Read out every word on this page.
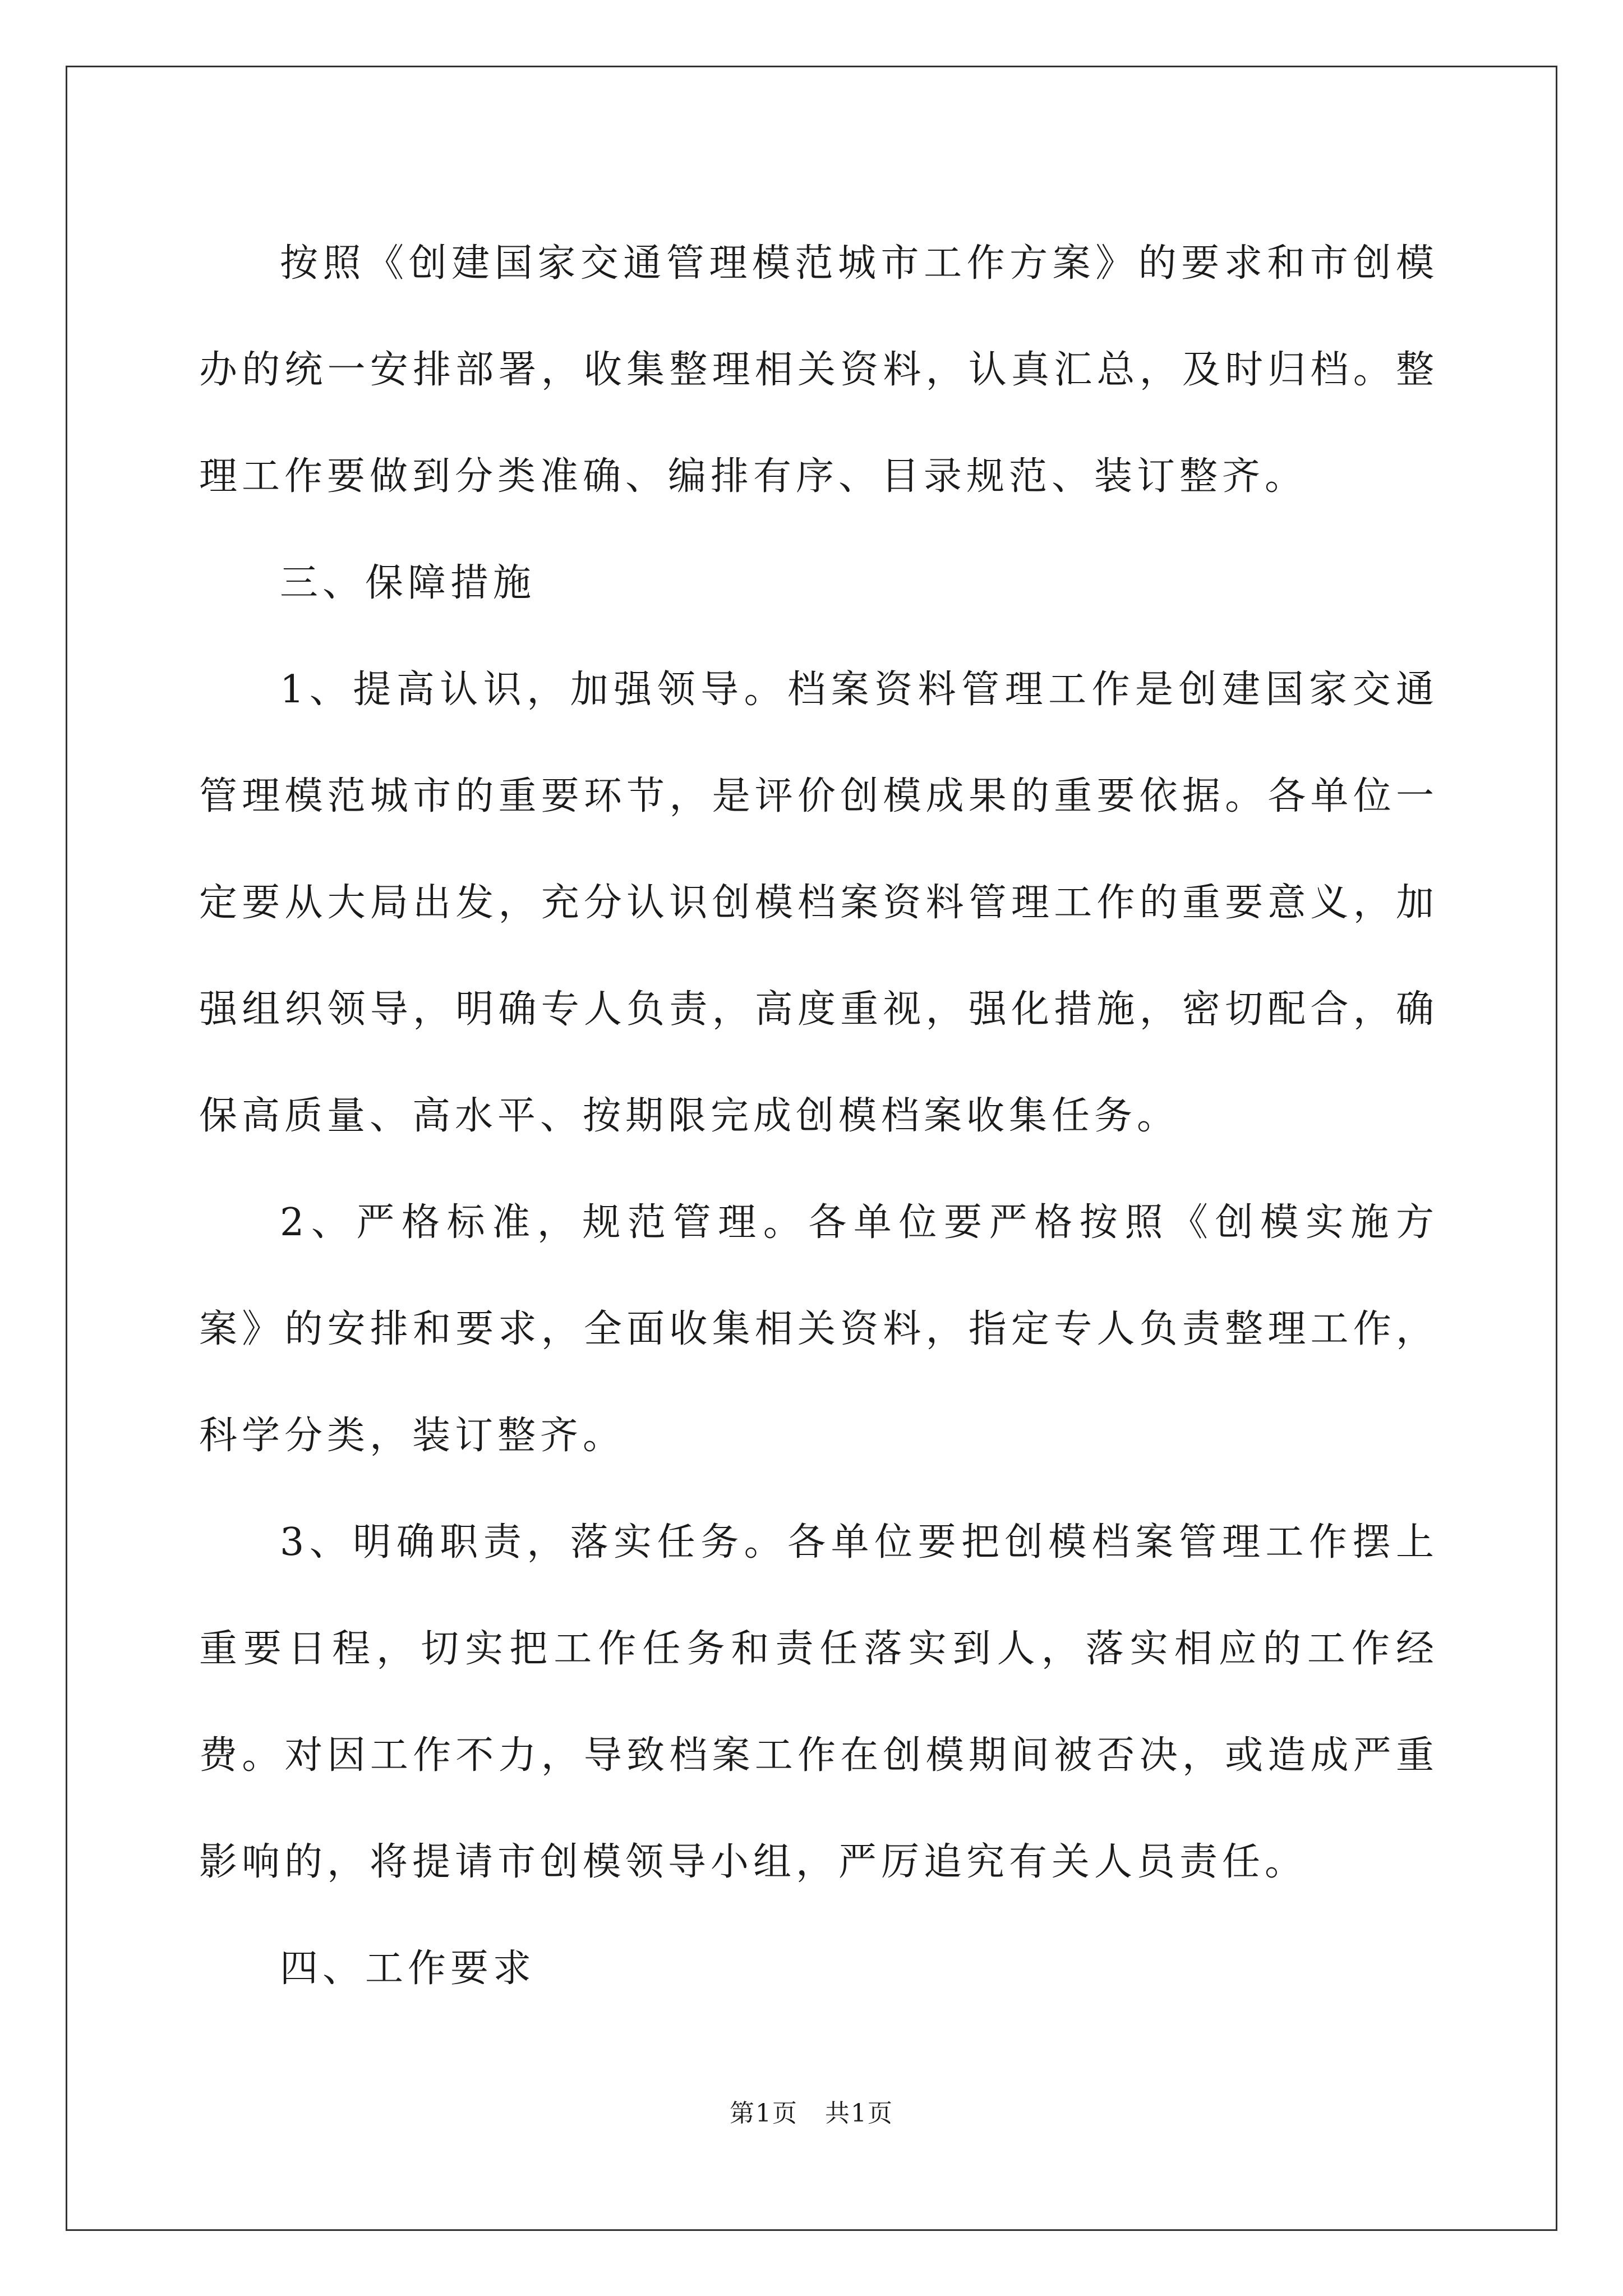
按照《创建国家交通管理模范城市工作方案》的要求和市创模办的统一安排部署，收集整理相关资料，认真汇总，及时归档。整理工作要做到分类准确、编排有序、目录规范、装订整齐。

三、保障措施

1、提高认识，加强领导。档案资料管理工作是创建国家交通管理模范城市的重要环节，是评价创模成果的重要依据。各单位一定要从大局出发，充分认识创模档案资料管理工作的重要意义，加强组织领导，明确专人负责，高度重视，强化措施，密切配合，确保高质量、高水平、按期限完成创模档案收集任务。

2、严格标准，规范管理。各单位要严格按照《创模实施方案》的安排和要求，全面收集相关资料，指定专人负责整理工作，科学分类，装订整齐。

3、明确职责，落实任务。各单位要把创模档案管理工作摆上重要日程，切实把工作任务和责任落实到人，落实相应的工作经费。对因工作不力，导致档案工作在创模期间被否决，或造成严重影响的，将提请市创模领导小组，严厉追究有关人员责任。

四、工作要求

第1页 共1页
